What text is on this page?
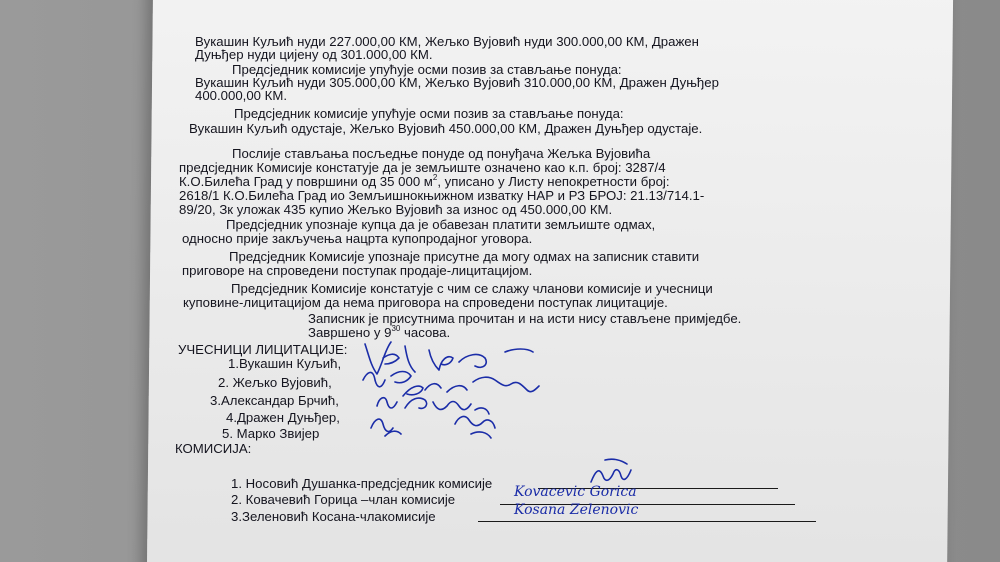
Вукашин Куљић нуди 227.000,00 КМ, Жељко Вујовић нуди 300.000,00 КМ, Дражен
Дуњђер нуди цијену од 301.000,00 КМ.
Предсједник комисије упућује осми позив за стављање понуда:
Вукашин Куљић нуди 305.000,00 КМ, Жељко Вујовић 310.000,00 КМ, Дражен Дуњђер
400.000,00 КМ.
Предсједник комисије упућује осми позив за стављање понуда:
Вукашин Куљић одустаје, Жељко Вујовић 450.000,00 КМ, Дражен Дуњђер одустаје.
Послије стављања посљедње понуде од понуђача Жељка Вујовића
предсједник Комисије констатује да је земљиште означено као к.п. број: 3287/4
К.О.Билећа Град у површини од 35 000 $м^2$, уписано у Листу непокретности број:
2618/1 К.О.Билећа Град ио Земљишнокњижном изватку НАР и РЗ БРОЈ: 21.13/714.1-
89/20, Зк уложак 435 купио Жељко Вујовић за износ од 450.000,00 КМ.
Предсједник упознаје купца да је обавезан платити земљиште одмах,
односно прије закључења нацрта купопродајног уговора.
Предсједник Комисије упознаје присутне да могу одмах на записник ставити
приговоре на спроведени поступак продаје-лицитацијом.
Предсједник Комисије констатује с чим се слажу чланови комисије и учесници
куповине-лицитацијом да нема приговора на спроведени поступак лицитације.
Записник је присутнима прочитан и на исти нису стављене примједбе.
Завршено у $9^{30}$ часова.
УЧЕСНИЦИ ЛИЦИТАЦИЈЕ:
1.Вукашин Куљић,
2. Жељко Вујовић,
3.Александар Брчић,
4.Дражен Дуњђер,
5. Марко Звијер
КОМИСИЈА:
1. Носовић Душанка-предсједник комисије
2. Ковачевић Горица –члан комисије
3.Зеленовић Косана-члакомисије
Kovacevic Gorica
Kosana Zelenovic
